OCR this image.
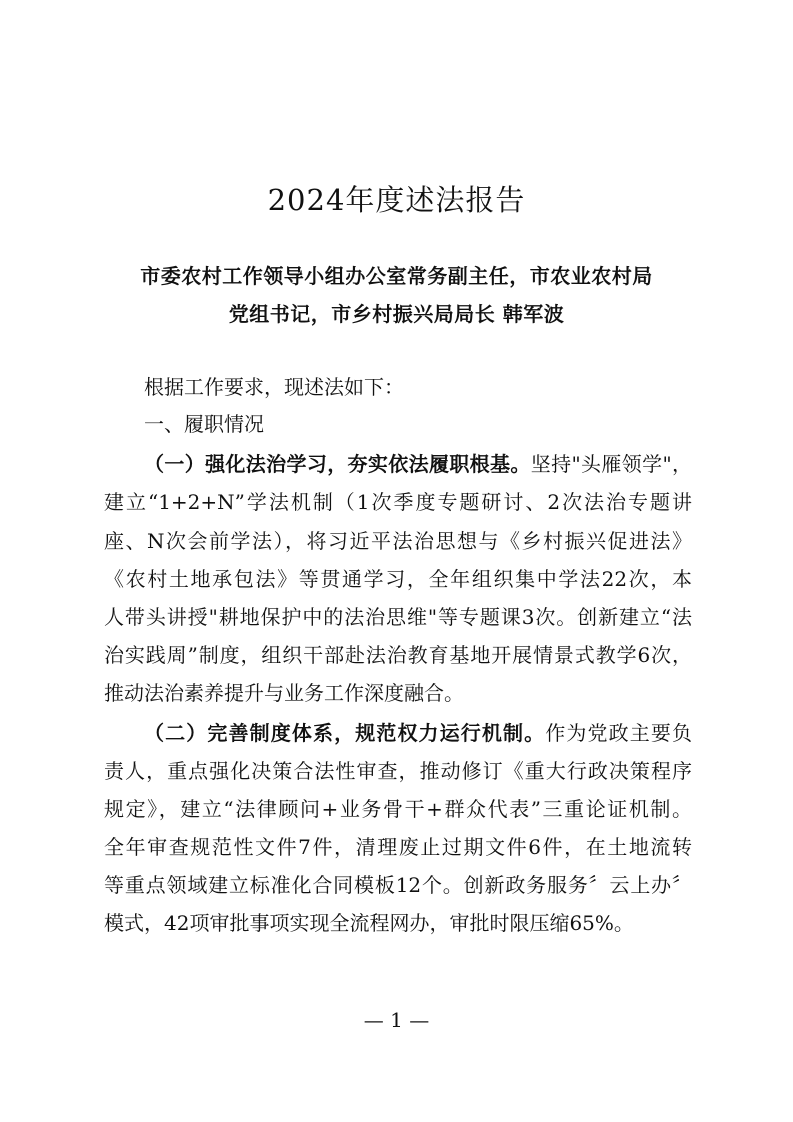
2024年度述法报告
市委农村工作领导小组办公室常务副主任，市农业农村局
党组书记，市乡村振兴局局长 韩军波
根据工作要求，现述法如下：
一、履职情况
（一）强化法治学习，夯实依法履职根基。坚持"头雁领学"，
建立“1+2+N”学法机制（1次季度专题研讨、2次法治专题讲
座、N次会前学法），将习近平法治思想与《乡村振兴促进法》
《农村土地承包法》等贯通学习，全年组织集中学法22次，本
人带头讲授"耕地保护中的法治思维"等专题课3次。创新建立“法
治实践周”制度，组织干部赴法治教育基地开展情景式教学6次，
推动法治素养提升与业务工作深度融合。
（二）完善制度体系，规范权力运行机制。作为党政主要负
责人，重点强化决策合法性审查，推动修订《重大行政决策程序
规定》，建立“法律顾问+业务骨干+群众代表”三重论证机制。
全年审查规范性文件7件，清理废止过期文件6件，在土地流转
等重点领域建立标准化合同模板12个。创新政务服务〞云上办〞
模式，42项审批事项实现全流程网办，审批时限压缩65%。
— 1 —
